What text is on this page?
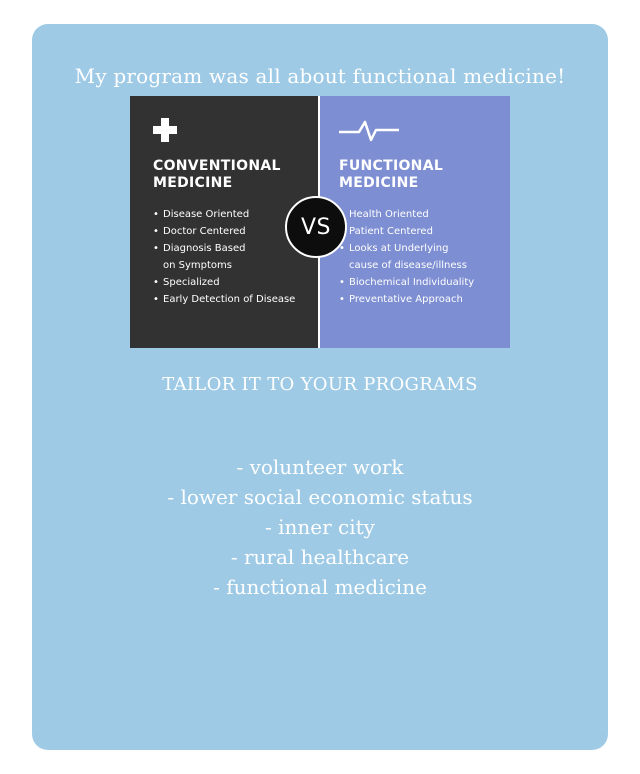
My program was all about functional medicine!
CONVENTIONAL
MEDICINE
• Disease Oriented
• Doctor Centered
• Diagnosis Based
on Symptoms
• Specialized
• Early Detection of Disease
FUNCTIONAL
MEDICINE
• Health Oriented
• Patient Centered
• Looks at Underlying
cause of disease/illness
• Biochemical Individuality
• Preventative Approach
VS
TAILOR IT TO YOUR PROGRAMS
- volunteer work
- lower social economic status
- inner city
- rural healthcare
- functional medicine
